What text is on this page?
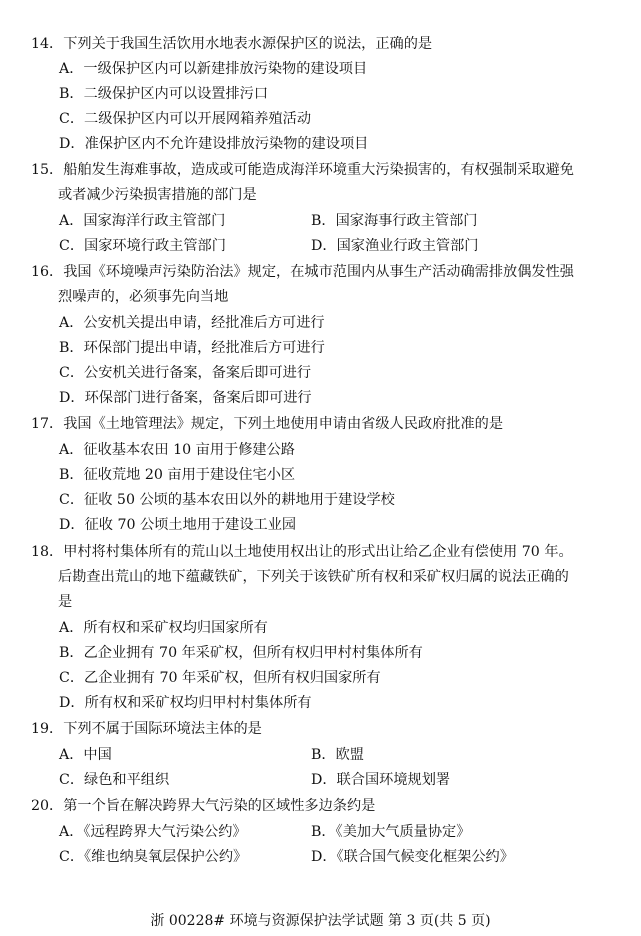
14．下列关于我国生活饮用水地表水源保护区的说法，正确的是
A．一级保护区内可以新建排放污染物的建设项目
B．二级保护区内可以设置排污口
C．二级保护区内可以开展网箱养殖活动
D．准保护区内不允许建设排放污染物的建设项目
15．船舶发生海难事故，造成或可能造成海洋环境重大污染损害的，有权强制采取避免
或者减少污染损害措施的部门是
A．国家海洋行政主管部门	B．国家海事行政主管部门
C．国家环境行政主管部门	D．国家渔业行政主管部门
16．我国《环境噪声污染防治法》规定，在城市范围内从事生产活动确需排放偶发性强
烈噪声的，必须事先向当地
A．公安机关提出申请，经批准后方可进行
B．环保部门提出申请，经批准后方可进行
C．公安机关进行备案，备案后即可进行
D．环保部门进行备案，备案后即可进行
17．我国《土地管理法》规定，下列土地使用申请由省级人民政府批准的是
A．征收基本农田 10 亩用于修建公路
B．征收荒地 20 亩用于建设住宅小区
C．征收 50 公顷的基本农田以外的耕地用于建设学校
D．征收 70 公顷土地用于建设工业园
18．甲村将村集体所有的荒山以土地使用权出让的形式出让给乙企业有偿使用 70 年。
后勘查出荒山的地下蕴藏铁矿，下列关于该铁矿所有权和采矿权归属的说法正确的
是
A．所有权和采矿权均归国家所有
B．乙企业拥有 70 年采矿权，但所有权归甲村村集体所有
C．乙企业拥有 70 年采矿权，但所有权归国家所有
D．所有权和采矿权均归甲村村集体所有
19．下列不属于国际环境法主体的是
A．中国	B．欧盟
C．绿色和平组织	D．联合国环境规划署
20．第一个旨在解决跨界大气污染的区域性多边条约是
A．《远程跨界大气污染公约》	B．《美加大气质量协定》
C．《维也纳臭氧层保护公约》	D．《联合国气候变化框架公约》
浙 00228# 环境与资源保护法学试题 第 3 页(共 5 页)
